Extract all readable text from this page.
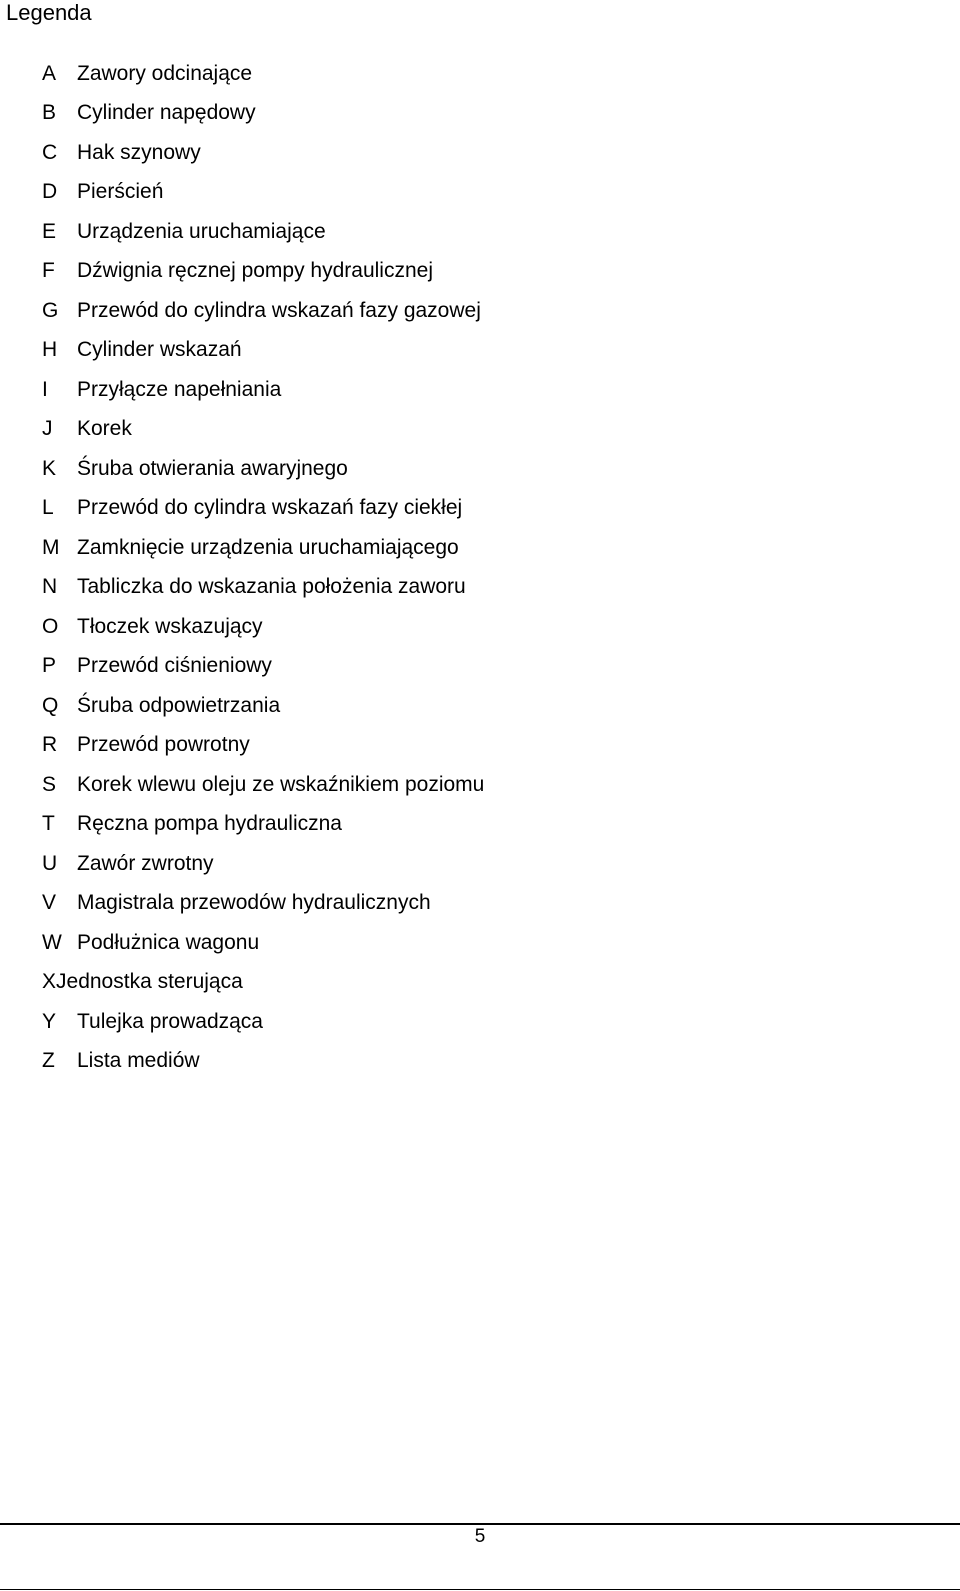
Legenda
A Zawory odcinające
B Cylinder napędowy
C Hak szynowy
D Pierścień
E Urządzenia uruchamiające
F	Dźwignia ręcznej pompy hydraulicznej
G Przewód do cylindra wskazań fazy gazowej
H Cylinder wskazań
I	Przyłącze napełniania
J	Korek
K Śruba otwierania awaryjnego
L	Przewód do cylindra wskazań fazy ciekłej
M Zamknięcie urządzenia uruchamiającego
N Tabliczka do wskazania położenia zaworu
O Tłoczek wskazujący
P Przewód ciśnieniowy
Q Śruba odpowietrzania
R Przewód powrotny
S Korek wlewu oleju ze wskaźnikiem poziomu
T	Ręczna pompa hydrauliczna
U Zawór zwrotny
V Magistrala przewodów hydraulicznych
W Podłużnica wagonu
X Jednostka sterująca
Y Tulejka prowadząca
Z	Lista mediów
5
